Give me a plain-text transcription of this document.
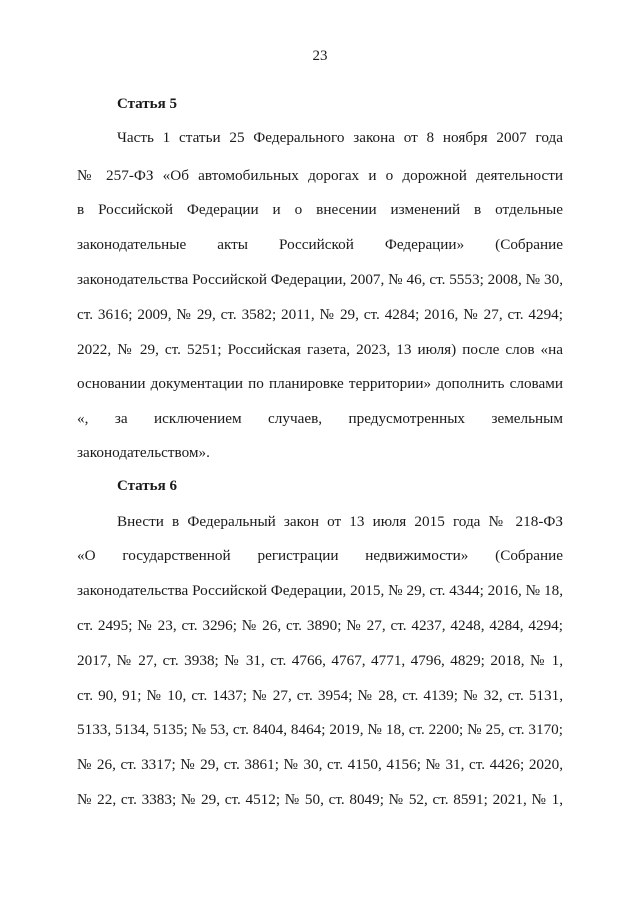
23
Статья 5
Часть 1 статьи 25 Федерального закона от 8 ноября 2007 года
№ 257-ФЗ «Об автомобильных дорогах и о дорожной деятельности
в Российской Федерации и о внесении изменений в отдельные
законодательные акты Российской Федерации» (Собрание
законодательства Российской Федерации, 2007, № 46, ст. 5553; 2008, № 30,
ст. 3616; 2009, № 29, ст. 3582; 2011, № 29, ст. 4284; 2016, № 27, ст. 4294;
2022, № 29, ст. 5251; Российская газета, 2023, 13 июля) после слов «на
основании документации по планировке территории» дополнить словами
«, за исключением случаев, предусмотренных земельным
законодательством».
Статья 6
Внести в Федеральный закон от 13 июля 2015 года № 218-ФЗ
«О государственной регистрации недвижимости» (Собрание
законодательства Российской Федерации, 2015, № 29, ст. 4344; 2016, № 18,
ст. 2495; № 23, ст. 3296; № 26, ст. 3890; № 27, ст. 4237, 4248, 4284, 4294;
2017, № 27, ст. 3938; № 31, ст. 4766, 4767, 4771, 4796, 4829; 2018, № 1,
ст. 90, 91; № 10, ст. 1437; № 27, ст. 3954; № 28, ст. 4139; № 32, ст. 5131,
5133, 5134, 5135; № 53, ст. 8404, 8464; 2019, № 18, ст. 2200; № 25, ст. 3170;
№ 26, ст. 3317; № 29, ст. 3861; № 30, ст. 4150, 4156; № 31, ст. 4426; 2020,
№ 22, ст. 3383; № 29, ст. 4512; № 50, ст. 8049; № 52, ст. 8591; 2021, № 1,
